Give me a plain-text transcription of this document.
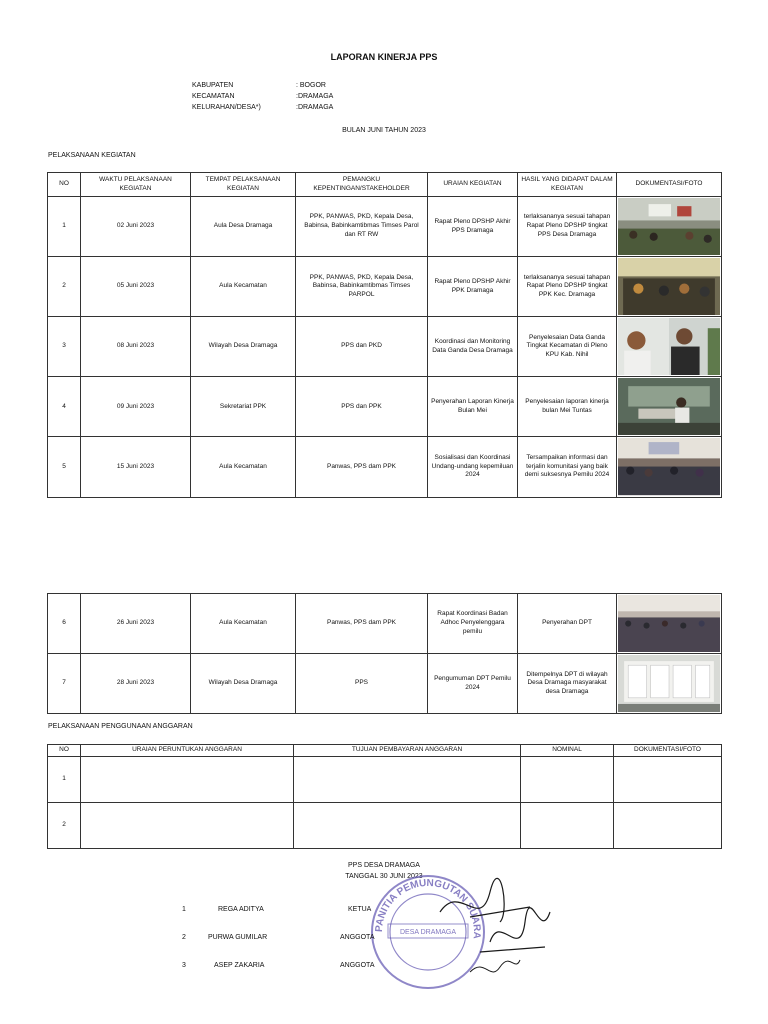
LAPORAN KINERJA PPS
KABUPATEN	: BOGOR
KECAMATAN	:DRAMAGA
KELURAHAN/DESA*)	:DRAMAGA
BULAN JUNI TAHUN 2023
PELAKSANAAN KEGIATAN
NO	WAKTU PELAKSANAAN KEGIATAN	TEMPAT PELAKSANAAN KEGIATAN	PEMANGKU KEPENTINGAN/STAKEHOLDER	URAIAN KEGIATAN	HASIL YANG DIDAPAT DALAM KEGIATAN	DOKUMENTASI/FOTO
1	02 Juni 2023	Aula Desa Dramaga	PPK, PANWAS, PKD, Kepala Desa, Babinsa, Babinkamtibmas Timses Parol dan RT RW	Rapat Pleno DPSHP Akhir PPS Dramaga	terlaksananya sesuai tahapan Rapat Pleno DPSHP tingkat PPS Desa Dramaga	

2	05 Juni 2023	Aula Kecamatan	PPK, PANWAS, PKD, Kepala Desa, Babinsa, Babinkamtibmas Timses PARPOL	Rapat Pleno DPSHP Akhir PPK Dramaga	terlaksananya sesuai tahapan Rapat Pleno DPSHP tingkat PPK Kec. Dramaga	

3	08 Juni 2023	Wilayah Desa Dramaga	PPS dan PKD	Koordinasi dan Monitoring Data Ganda Desa Dramaga	Penyelesaian Data Ganda Tingkat Kecamatan di Pleno KPU Kab. Nihil	

4	09 Juni 2023	Sekretariat PPK	PPS dan PPK	Penyerahan Laporan Kinerja Bulan Mei	Penyelesaian laporan kinerja bulan Mei Tuntas	

5	15 Juni 2023	Aula Kecamatan	Panwas, PPS dam PPK	Sosialisasi dan Koordinasi Undang-undang kepemiluan 2024	Tersampaikan informasi dan terjalin komunitasi yang baik demi suksesnya Pemilu 2024	
6	26 Juni 2023	Aula Kecamatan	Panwas, PPS dam PPK	Rapat Koordinasi Badan Adhoc Penyelenggara pemilu	Penyerahan DPT	

7	28 Juni 2023	Wilayah Desa Dramaga	PPS	Pengumuman DPT Pemilu 2024	Ditempelnya DPT di wilayah Desa Dramaga masyarakat desa Dramaga	
PELAKSANAAN PENGGUNAAN ANGGARAN
NO	URAIAN PERUNTUKAN ANGGARAN	TUJUAN PEMBAYARAN ANGGARAN	NOMINAL	DOKUMENTASI/FOTO
1				
2				
PPS DESA DRAMAGA
TANGGAL 30 JUNI 2023
PANITIA PEMUNGUTAN SUARA
DESA DRAMAGA
1	REGA ADITYA	KETUA
2	PURWA GUMILAR	ANGGOTA
3	ASEP ZAKARIA	ANGGOTA
